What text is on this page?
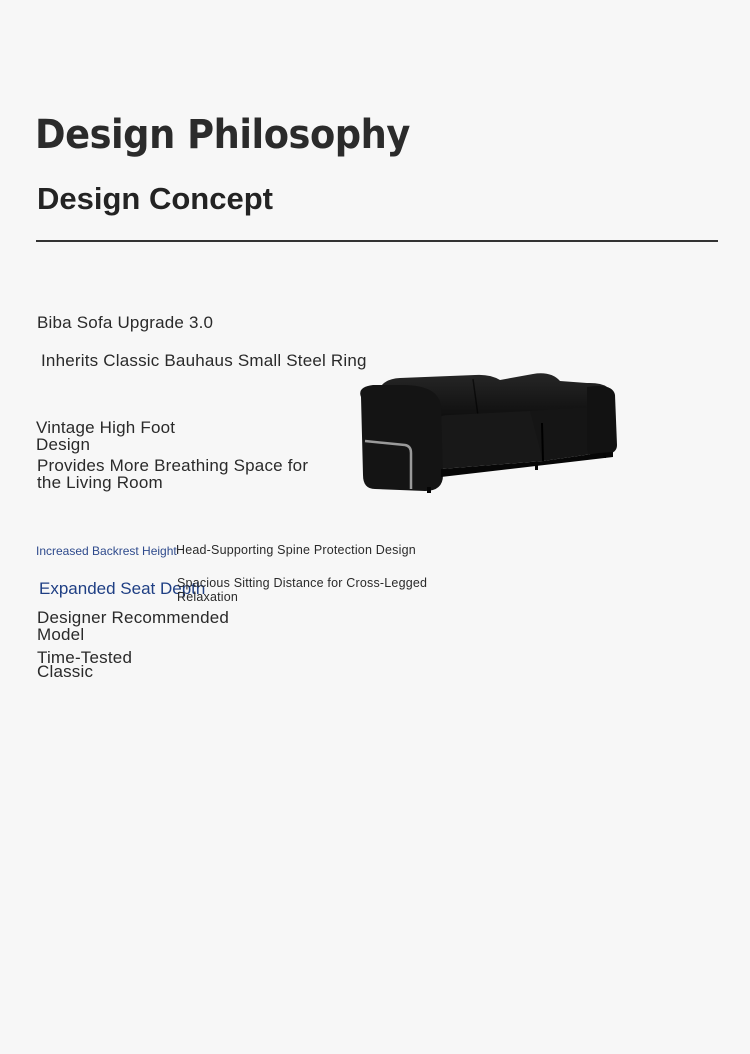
Design Philosophy
Design Concept
Biba Sofa Upgrade 3.0
Inherits Classic Bauhaus Small Steel Ring
Vintage High Foot Design
Provides More Breathing Space for the Living Room
Increased Backrest Height Head-Supporting Spine Protection Design
Expanded Seat Depth
Spacious Sitting Distance for Cross-Legged Relaxation
Designer Recommended Model
Time-Tested Classic
